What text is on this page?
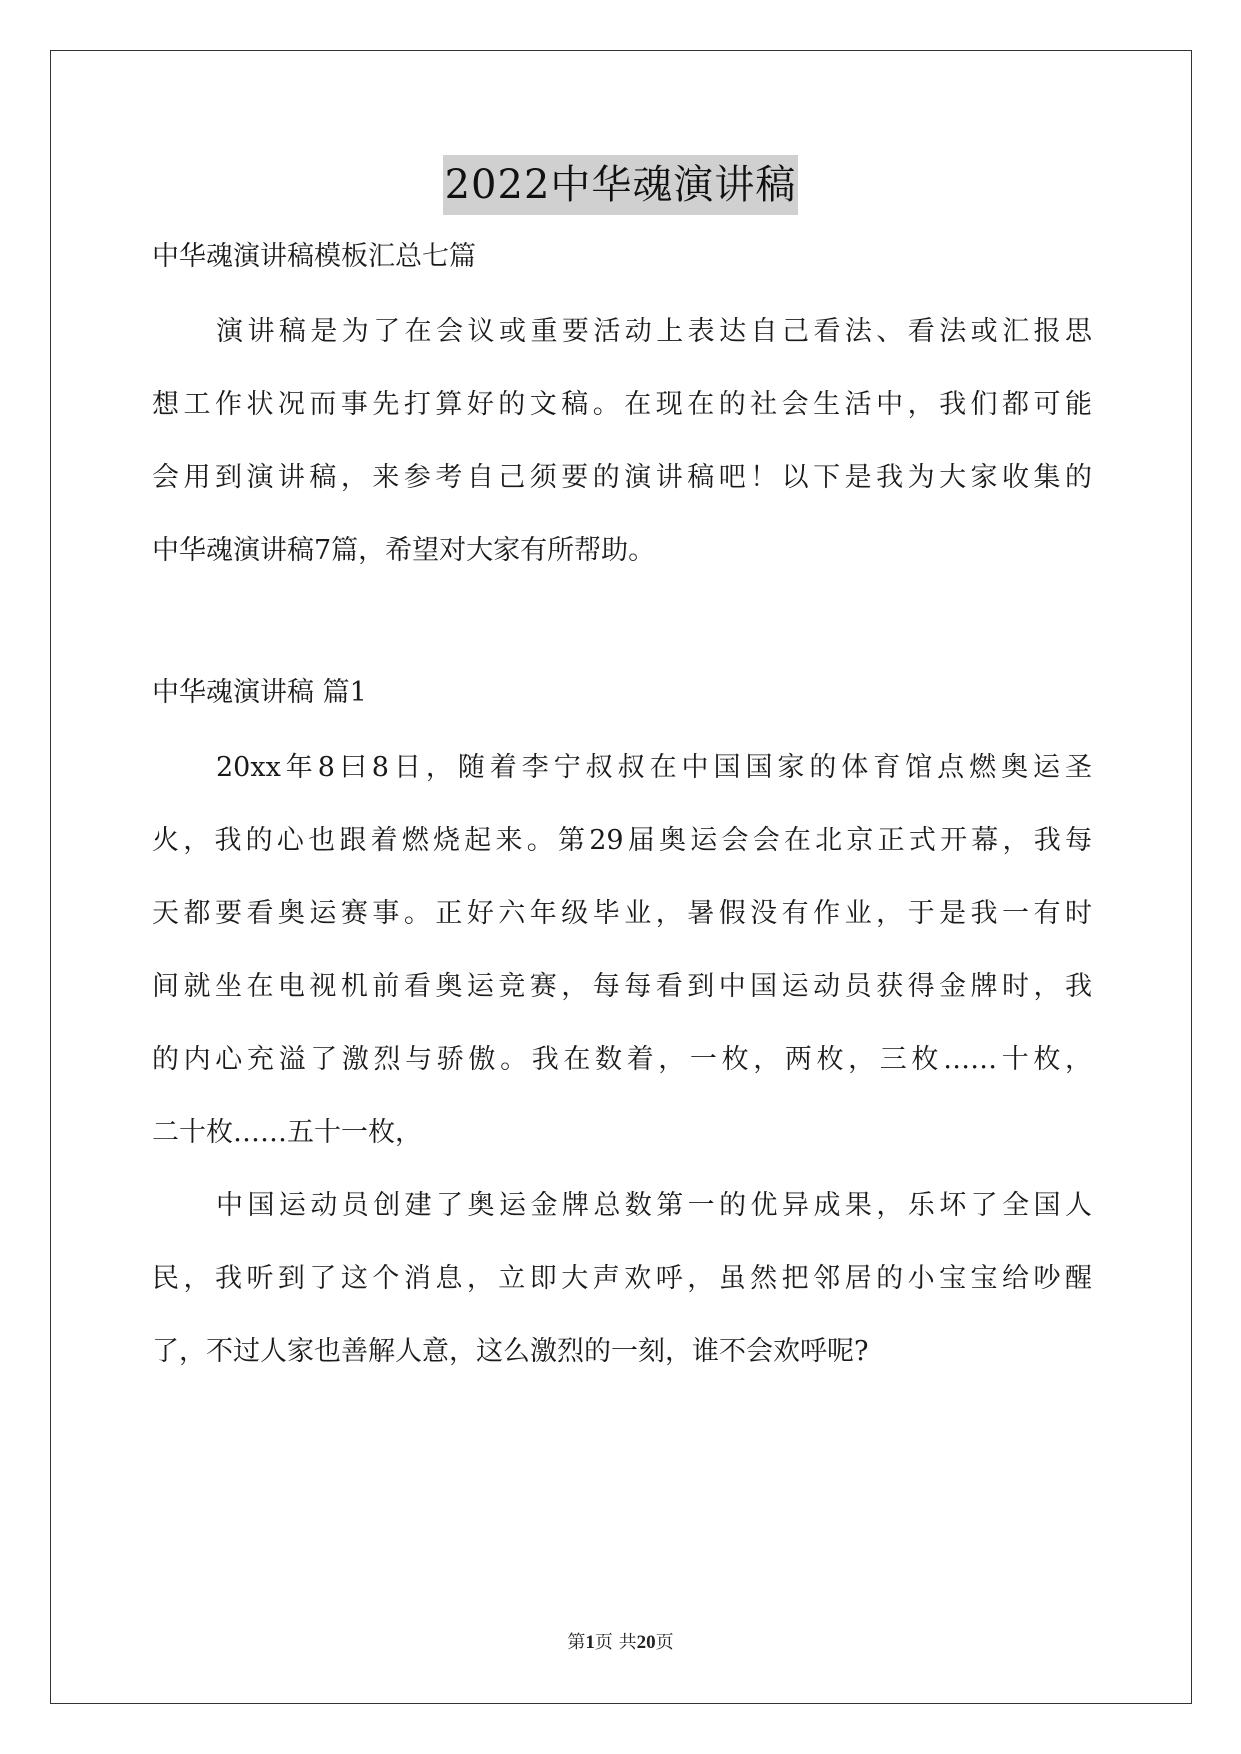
2022中华魂演讲稿
中华魂演讲稿模板汇总七篇
演讲稿是为了在会议或重要活动上表达自己看法、看法或汇报思
想工作状况而事先打算好的文稿。在现在的社会生活中，我们都可能
会用到演讲稿，来参考自己须要的演讲稿吧！以下是我为大家收集的
中华魂演讲稿7篇，希望对大家有所帮助。
中华魂演讲稿 篇1
20xx年8曰8日，随着李宁叔叔在中国国家的体育馆点燃奥运圣
火，我的心也跟着燃烧起来。第29届奥运会会在北京正式开幕，我每
天都要看奥运赛事。正好六年级毕业，暑假没有作业，于是我一有时
间就坐在电视机前看奥运竞赛，每每看到中国运动员获得金牌时，我
的内心充溢了激烈与骄傲。我在数着，一枚，两枚，三枚……十枚，
二十枚……五十一枚，
中国运动员创建了奥运金牌总数第一的优异成果，乐坏了全国人
民，我听到了这个消息，立即大声欢呼，虽然把邻居的小宝宝给吵醒
了，不过人家也善解人意，这么激烈的一刻，谁不会欢呼呢?
第1页 共20页
